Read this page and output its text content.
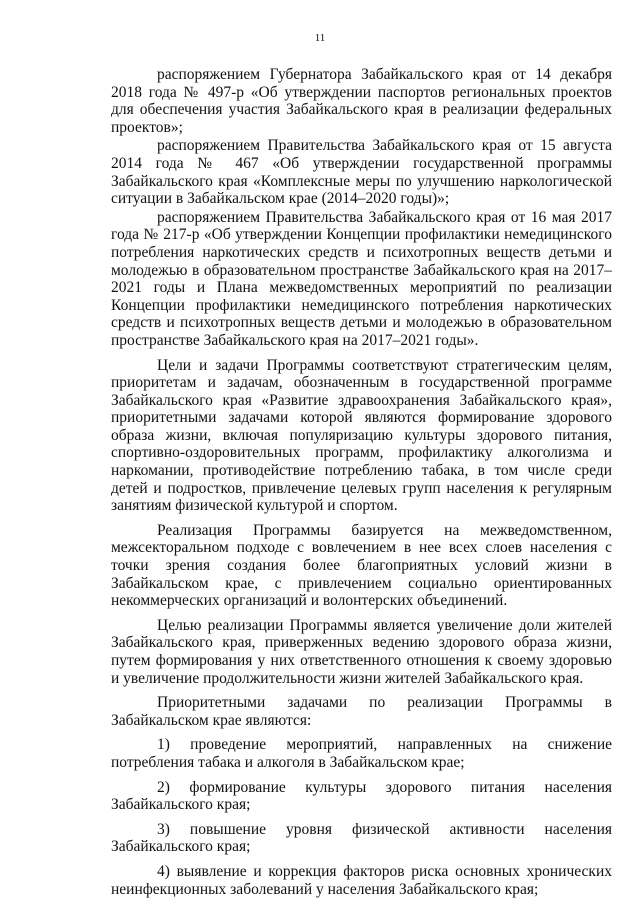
11

распоряжением Губернатора Забайкальского края от 14 декабря 2018 года № 497-р «Об утверждении паспортов региональных проектов для обеспечения участия Забайкальского края в реализации федеральных проектов»;

распоряжением Правительства Забайкальского края от 15 августа 2014 года № 467 «Об утверждении государственной программы Забайкальского края «Комплексные меры по улучшению наркологической ситуации в Забайкальском крае (2014–2020 годы)»;

распоряжением Правительства Забайкальского края от 16 мая 2017 года № 217-р «Об утверждении Концепции профилактики немедицинского потребления наркотических средств и психотропных веществ детьми и молодежью в образовательном пространстве Забайкальского края на 2017–2021 годы и Плана межведомственных мероприятий по реализации Концепции профилактики немедицинского потребления наркотических средств и психотропных веществ детьми и молодежью в образовательном пространстве Забайкальского края на 2017–2021 годы».

Цели и задачи Программы соответствуют стратегическим целям, приоритетам и задачам, обозначенным в государственной программе Забайкальского края «Развитие здравоохранения Забайкальского края», приоритетными задачами которой являются формирование здорового образа жизни, включая популяризацию культуры здорового питания, спортивно-оздоровительных программ, профилактику алкоголизма и наркомании, противодействие потреблению табака, в том числе среди детей и подростков, привлечение целевых групп населения к регулярным занятиям физической культурой и спортом.

Реализация Программы базируется на межведомственном, межсекторальном подходе с вовлечением в нее всех слоев населения с точки зрения создания более благоприятных условий жизни в Забайкальском крае, с привлечением социально ориентированных некоммерческих организаций и волонтерских объединений.

Целью реализации Программы является увеличение доли жителей Забайкальского края, приверженных ведению здорового образа жизни, путем формирования у них ответственного отношения к своему здоровью и увеличение продолжительности жизни жителей Забайкальского края.

Приоритетными задачами по реализации Программы в Забайкальском крае являются:

1) проведение мероприятий, направленных на снижение потребления табака и алкоголя в Забайкальском крае;

2) формирование культуры здорового питания населения Забайкальского края;

3) повышение уровня физической активности населения Забайкальского края;

4) выявление и коррекция факторов риска основных хронических неинфекционных заболеваний у населения Забайкальского края;
